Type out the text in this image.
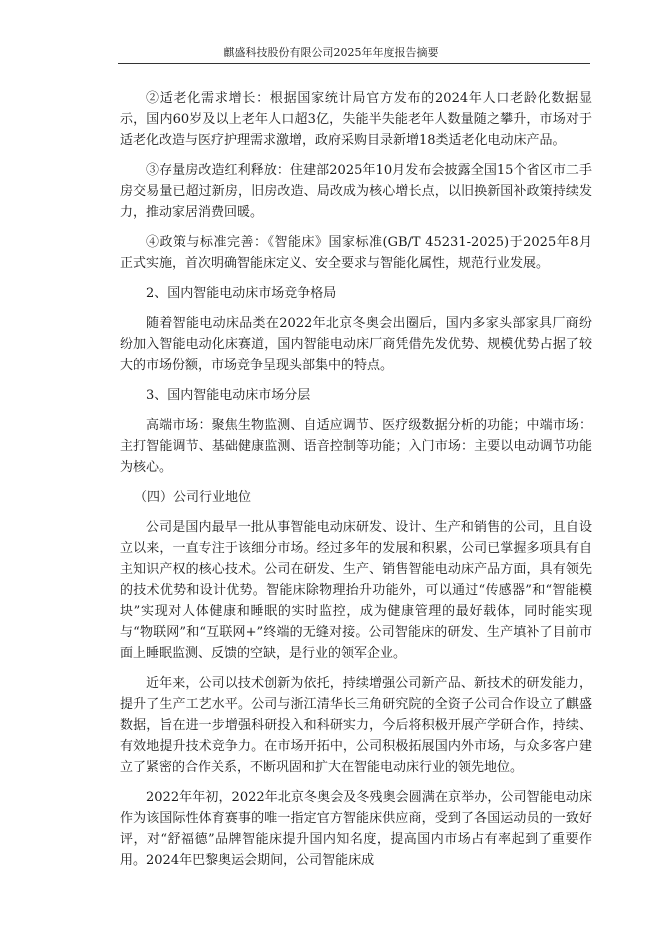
麒盛科技股份有限公司2025年年度报告摘要

②适老化需求增长：根据国家统计局官方发布的2024年人口老龄化数据显示，国内60岁及以上老年人口超3亿，失能半失能老年人数量随之攀升，市场对于适老化改造与医疗护理需求激增，政府采购目录新增18类适老化电动床产品。

③存量房改造红利释放：住建部2025年10月发布会披露全国15个省区市二手房交易量已超过新房，旧房改造、局改成为核心增长点，以旧换新国补政策持续发力，推动家居消费回暖。

④政策与标准完善：《智能床》国家标准(GB/T 45231-2025)于2025年8月正式实施，首次明确智能床定义、安全要求与智能化属性，规范行业发展。

2、国内智能电动床市场竞争格局

随着智能电动床品类在2022年北京冬奥会出圈后，国内多家头部家具厂商纷纷加入智能电动化床赛道，国内智能电动床厂商凭借先发优势、规模优势占据了较大的市场份额，市场竞争呈现头部集中的特点。

3、国内智能电动床市场分层

高端市场：聚焦生物监测、自适应调节、医疗级数据分析的功能；中端市场：主打智能调节、基础健康监测、语音控制等功能；入门市场：主要以电动调节功能为核心。

（四）公司行业地位

公司是国内最早一批从事智能电动床研发、设计、生产和销售的公司，且自设立以来，一直专注于该细分市场。经过多年的发展和积累，公司已掌握多项具有自主知识产权的核心技术。公司在研发、生产、销售智能电动床产品方面，具有领先的技术优势和设计优势。智能床除物理抬升功能外，可以通过“传感器”和“智能模块”实现对人体健康和睡眠的实时监控，成为健康管理的最好载体，同时能实现与“物联网”和“互联网+”终端的无缝对接。公司智能床的研发、生产填补了目前市面上睡眠监测、反馈的空缺，是行业的领军企业。

近年来，公司以技术创新为依托，持续增强公司新产品、新技术的研发能力，提升了生产工艺水平。公司与浙江清华长三角研究院的全资子公司合作设立了麒盛数据，旨在进一步增强科研投入和科研实力，今后将积极开展产学研合作，持续、有效地提升技术竞争力。在市场开拓中，公司积极拓展国内外市场，与众多客户建立了紧密的合作关系，不断巩固和扩大在智能电动床行业的领先地位。

2022年年初，2022年北京冬奥会及冬残奥会圆满在京举办，公司智能电动床作为该国际性体育赛事的唯一指定官方智能床供应商，受到了各国运动员的一致好评，对“舒福德”品牌智能床提升国内知名度，提高国内市场占有率起到了重要作用。2024年巴黎奥运会期间，公司智能床成
